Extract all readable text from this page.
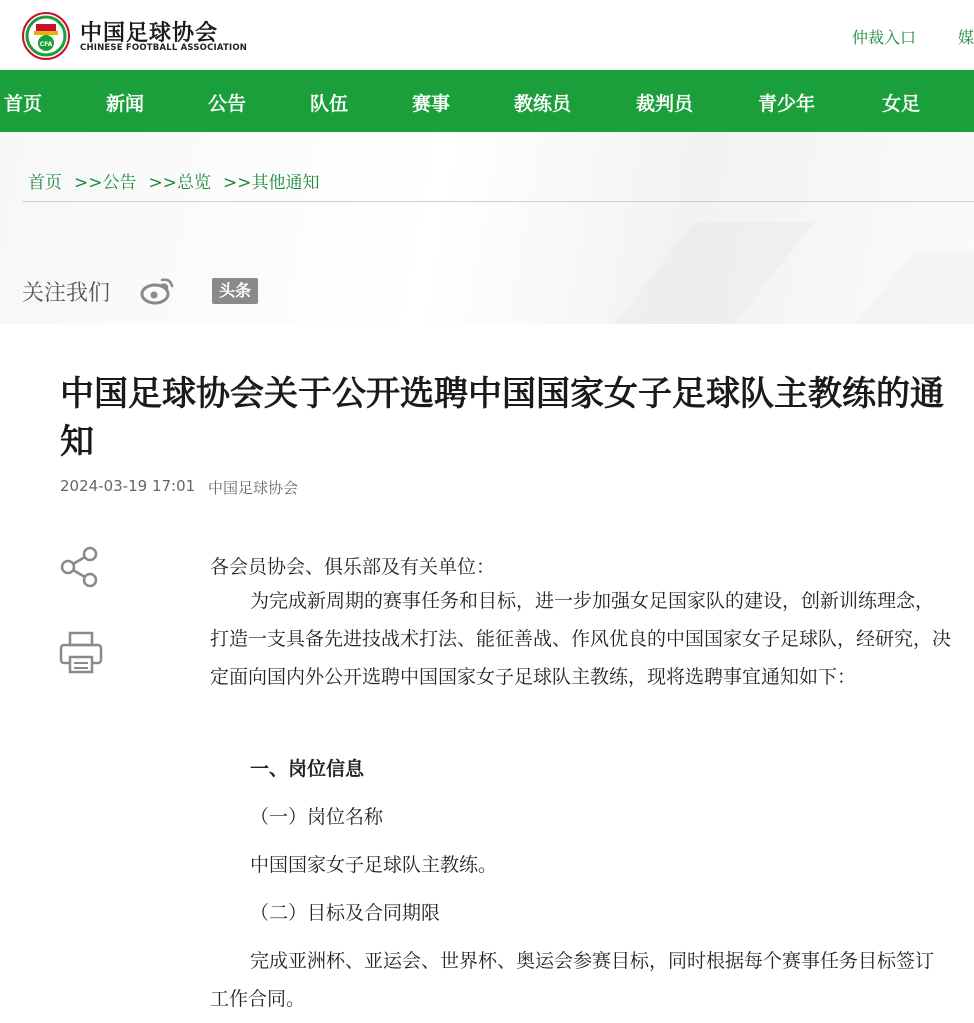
CFA 中国足球协会
CHINESE FOOTBALL ASSOCIATION
仲裁入口	媒
首页	新闻	公告	队伍	赛事	教练员	裁判员	青少年	女足
首页 >>公告 >>总览 >>其他通知
关注我们	头条
中国足球协会关于公开选聘中国国家女子足球队主教练的通知
2024-03-19 17:01 中国足球协会
各会员协会、俱乐部及有关单位：
为完成新周期的赛事任务和目标，进一步加强女足国家队的建设，创新训练理念，打造一支具备先进技战术打法、能征善战、作风优良的中国国家女子足球队，经研究，决定面向国内外公开选聘中国国家女子足球队主教练，现将选聘事宜通知如下：
一、岗位信息
（一）岗位名称
中国国家女子足球队主教练。
（二）目标及合同期限
完成亚洲杯、亚运会、世界杯、奥运会参赛目标，同时根据每个赛事任务目标签订工作合同。
